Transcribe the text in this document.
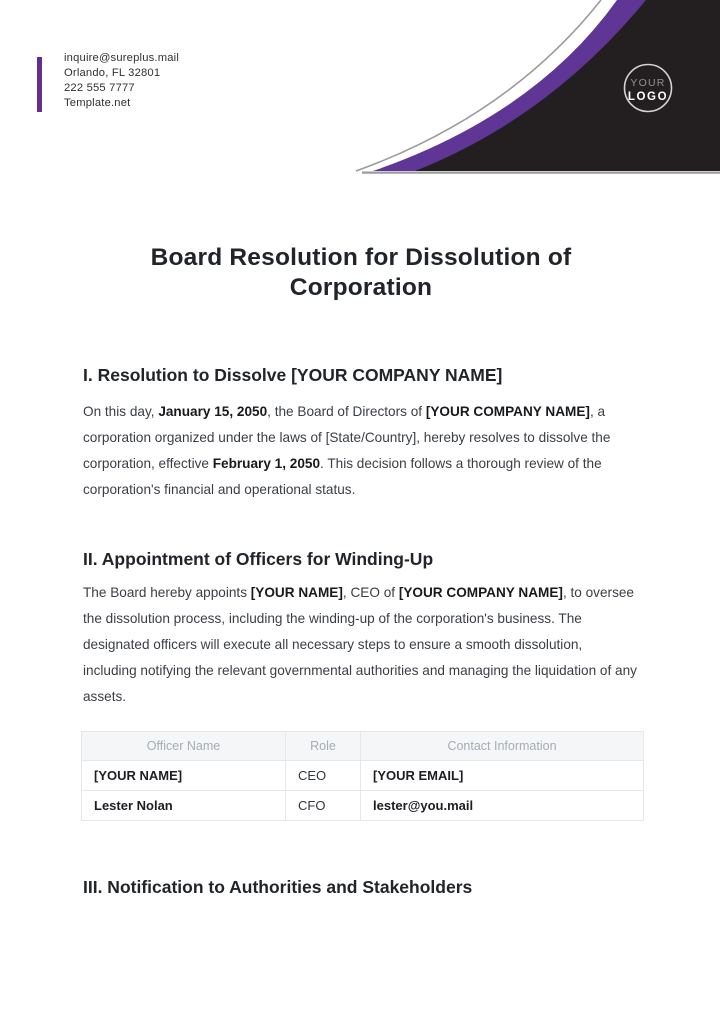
YOUR
LOGO
inquire@sureplus.mail
Orlando, FL 32801
222 555 7777
Template.net
Board Resolution for Dissolution of Corporation
I. Resolution to Dissolve [YOUR COMPANY NAME]

On this day, January 15, 2050, the Board of Directors of [YOUR COMPANY NAME], a corporation organized under the laws of [State/Country], hereby resolves to dissolve the corporation, effective February 1, 2050. This decision follows a thorough review of the corporation's financial and operational status.

II. Appointment of Officers for Winding-Up

The Board hereby appoints [YOUR NAME], CEO of [YOUR COMPANY NAME], to oversee the dissolution process, including the winding-up of the corporation's business. The designated officers will execute all necessary steps to ensure a smooth dissolution, including notifying the relevant governmental authorities and managing the liquidation of any assets.

Officer Name	Role	Contact Information
[YOUR NAME]	CEO	[YOUR EMAIL]
Lester Nolan	CFO	lester@you.mail
III. Notification to Authorities and Stakeholders
